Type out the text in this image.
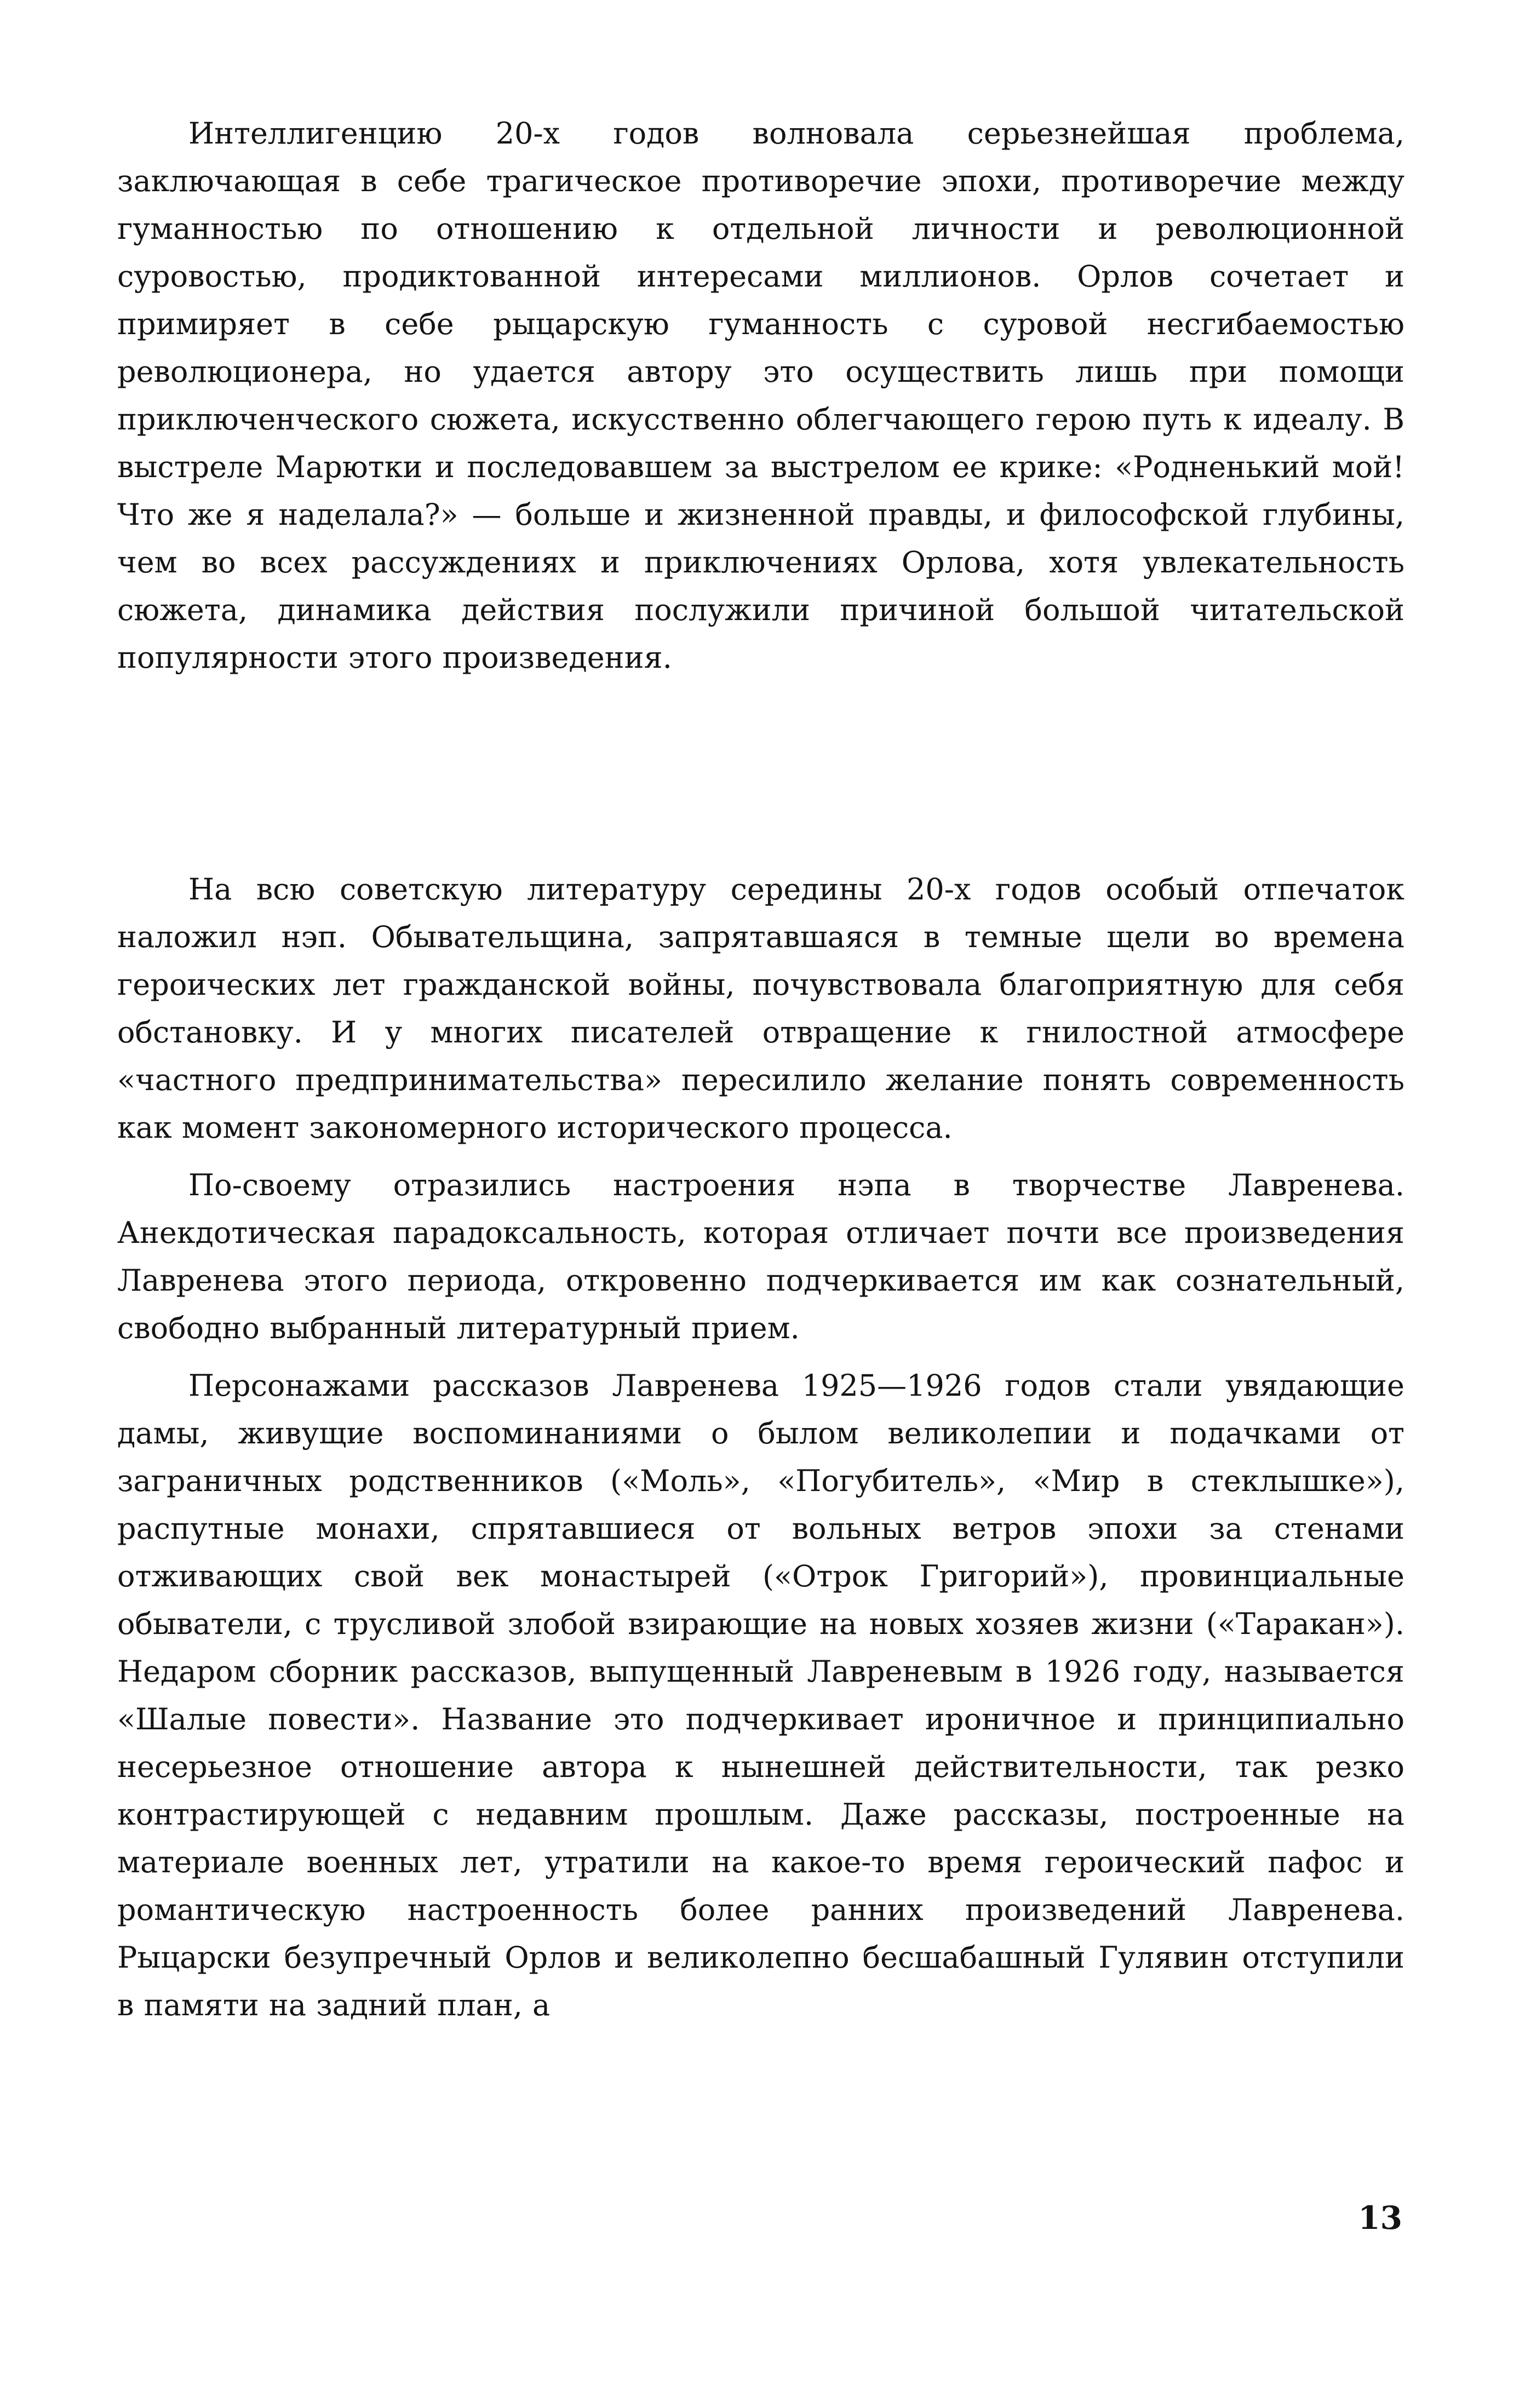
Интеллигенцию 20-х годов волновала серьезнейшая проблема, заключающая в себе трагическое противоречие эпохи, противоречие между гуманностью по отношению к отдельной личности и революционной суровостью, продиктованной интересами миллионов. Орлов сочетает и примиряет в себе рыцарскую гуманность с суровой несгибаемостью революционера, но удается автору это осуществить лишь при помощи приключенческого сюжета, искусственно облегчающего герою путь к идеалу. В выстреле Марютки и последовавшем за выстрелом ее крике: «Родненький мой! Что же я наделала?» — больше и жизненной правды, и философской глубины, чем во всех рассуждениях и приключениях Орлова, хотя увлекательность сюжета, динамика действия послужили причиной большой читательской популярности этого произведения.

На всю советскую литературу середины 20-х годов особый отпечаток наложил нэп. Обывательщина, запрятавшаяся в темные щели во времена героических лет гражданской войны, почувствовала благоприятную для себя обстановку. И у многих писателей отвращение к гнилостной атмосфере «частного предпринимательства» пересилило желание понять современность как момент закономерного исторического процесса.

По-своему отразились настроения нэпа в творчестве Лавренева. Анекдотическая парадоксальность, которая отличает почти все произведения Лавренева этого периода, откровенно подчеркивается им как сознательный, свободно выбранный литературный прием.

Персонажами рассказов Лавренева 1925—1926 годов стали увядающие дамы, живущие воспоминаниями о былом великолепии и подачками от заграничных родственников («Моль», «Погубитель», «Мир в стеклышке»), распутные монахи, спрятавшиеся от вольных ветров эпохи за стенами отживающих свой век монастырей («Отрок Григорий»), провинциальные обыватели, с трусливой злобой взирающие на новых хозяев жизни («Таракан»). Недаром сборник рассказов, выпущенный Лавреневым в 1926 году, называется «Шалые повести». Название это подчеркивает ироничное и принципиально несерьезное отношение автора к нынешней действительности, так резко контрастирующей с недавним прошлым. Даже рассказы, построенные на материале военных лет, утратили на какое-то время героический пафос и романтическую настроенность более ранних произведений Лавренева. Рыцарски безупречный Орлов и великолепно бесшабашный Гулявин отступили в памяти на задний план, а

13
